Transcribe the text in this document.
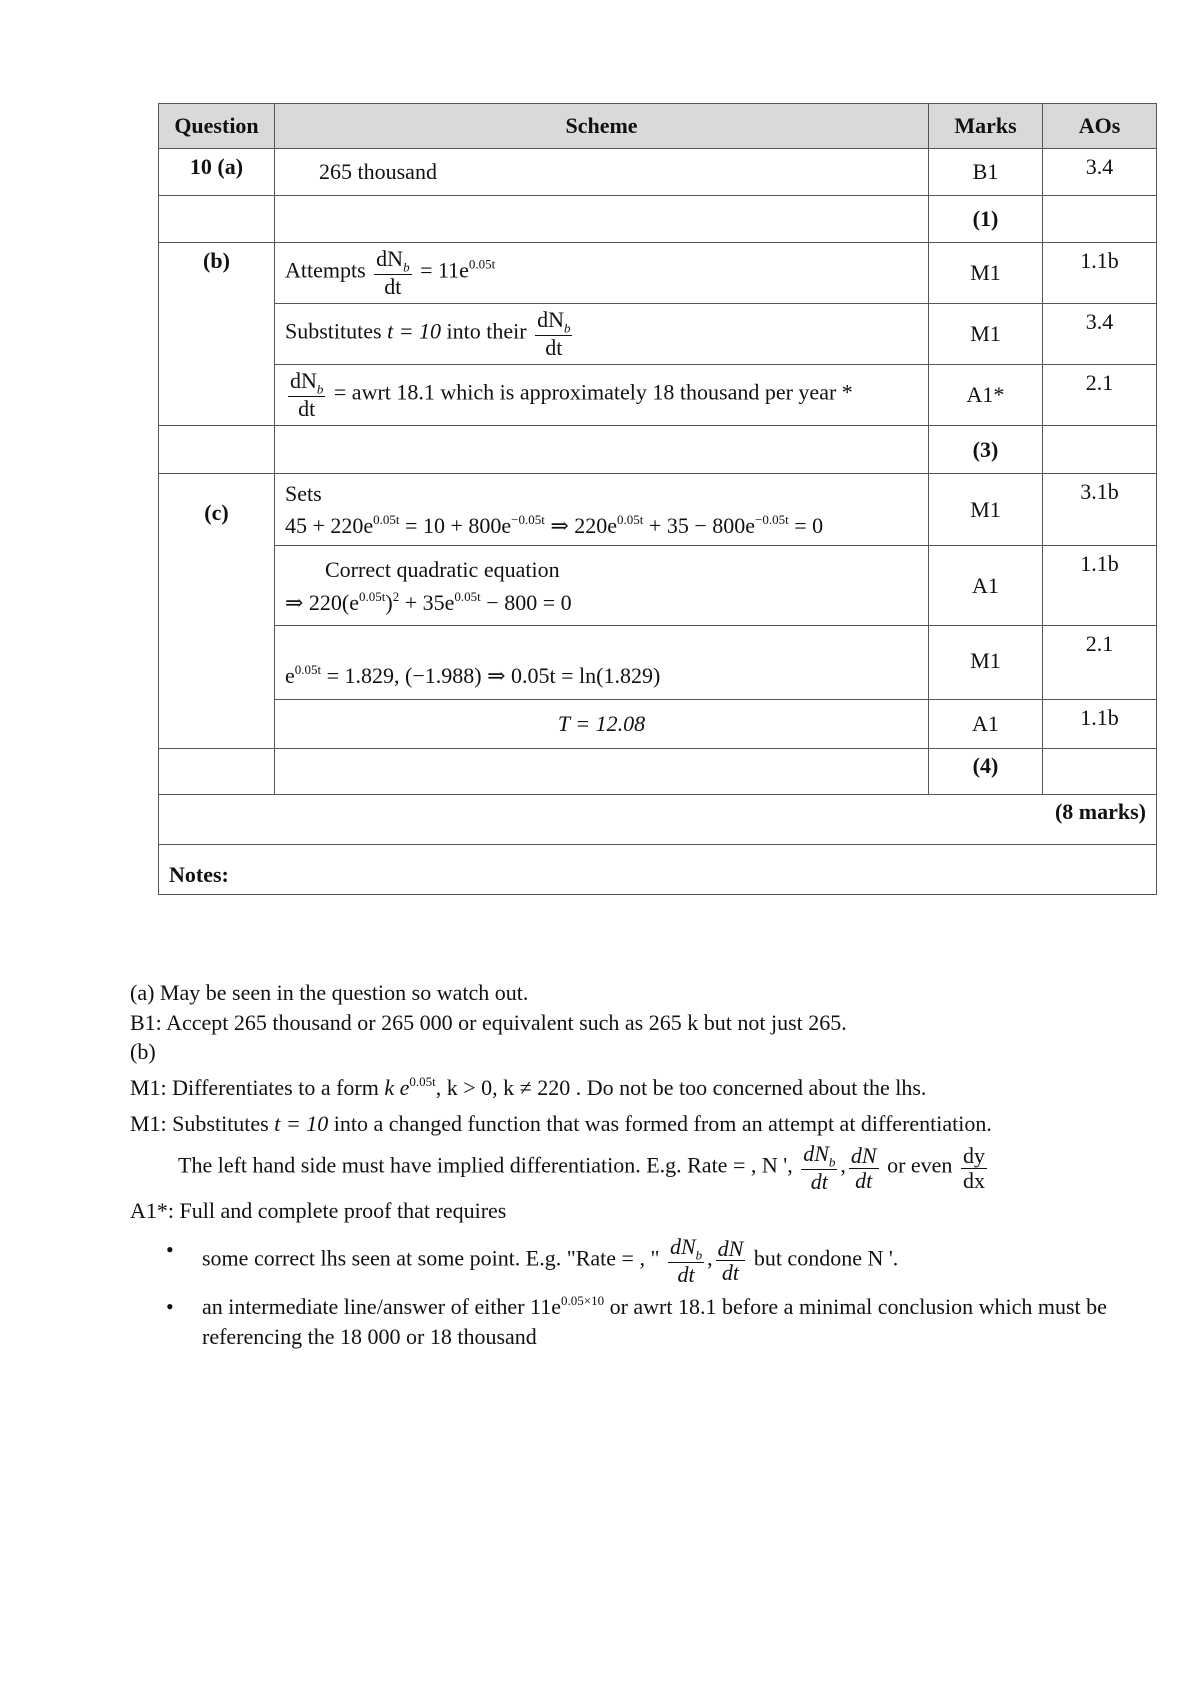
Question	Scheme	Marks	AOs
10 (a)	265 thousand	B1	3.4
		(1)	
(b)	Attempts $\frac{dN_b}{dt} = 11e^{0.05t}$	M1	1.1b
	Substitutes t = 10 into their $\frac{dN_b}{dt}$	M1	3.4

	$\frac{dN_b}{dt}$ = awrt 18.1 which is approximately 18 thousand per year *	A1*	2.1
		(3)	
(c)	Sets
$45 + 220e^{0.05t} = 10 + 800e^{-0.05t}$ ⇒ $220e^{0.05t} + 35 - 800e^{-0.05t} = 0$	M1	3.1b

	Correct quadratic equation
⇒ $220(e^{0.05t})^2 + 35e^{0.05t} - 800 = 0$	A1	1.1b
	$e^{0.05t} = 1.829$, (−1.988) ⇒ 0.05t = ln(1.829)	M1	2.1
	T = 12.08	A1	1.1b
		(4)	
(8 marks)			
Notes:			

(a) May be seen in the question so watch out.

B1: Accept 265 thousand or 265 000 or equivalent such as 265 k but not just 265.

(b)

M1: Differentiates to a form k $e^{0.05t}$, k > 0, k ≠ 220 . Do not be too concerned about the lhs.

M1: Substitutes t = 10 into a changed function that was formed from an attempt at differentiation.

The left hand side must have implied differentiation. E.g. Rate = , N ', $\frac{dN_b}{dt}$ , $\frac{dN}{dt}$ or even $\frac{dy}{dx}$

A1*: Full and complete proof that requires

• some correct lhs seen at some point. E.g. "Rate = , " $\frac{dN_b}{dt}$ , $\frac{dN}{dt}$ but condone N '.

• an intermediate line/answer of either $11e^{0.05\times 10}$ or awrt 18.1 before a minimal conclusion which must be referencing the 18 000 or 18 thousand
